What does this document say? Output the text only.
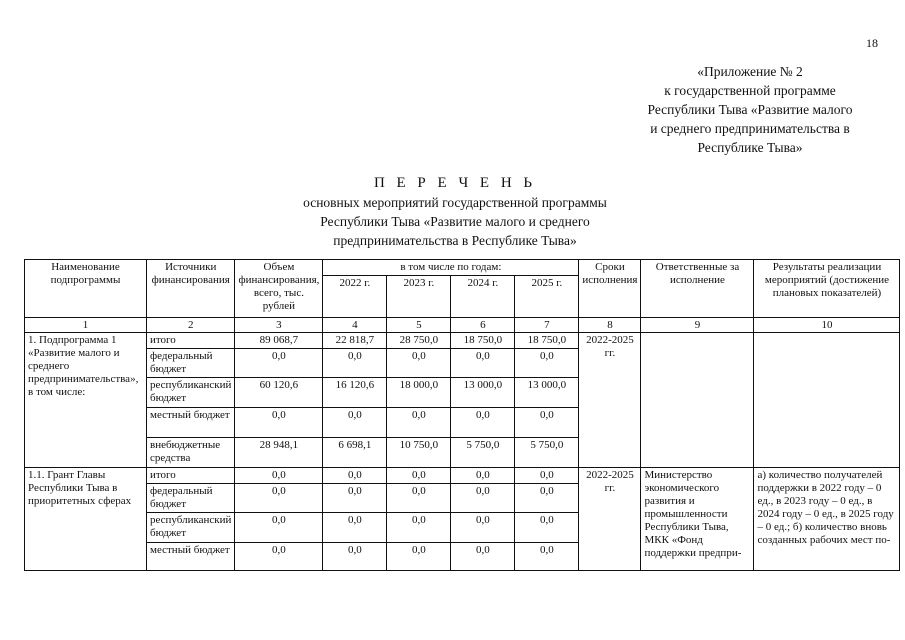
18
«Приложение № 2
к государственной программе
Республики Тыва «Развитие малого
и среднего предпринимательства в
Республике Тыва»
П Е Р Е Ч Е Н Ь
основных мероприятий государственной программы
Республики Тыва «Развитие малого и среднего
предпринимательства в Республике Тыва»
Наименование подпрограммы	Источники финансирования	Объем финансирования, всего, тыс. рублей	в том числе по годам:				Сроки исполнения	Ответственные за исполнение	Результаты реализации мероприятий (достижение плановых показателей)
			2022 г.	2023 г.	2024 г.	2025 г.			
1	2	3	4	5	6	7	8	9	10
1. Подпрограмма 1 «Развитие малого и среднего предпринимательства», в том числе:	итого	89 068,7	22 818,7	28 750,0	18 750,0	18 750,0	2022-2025 гг.		
	федеральный бюджет	0,0	0,0	0,0	0,0	0,0			
	республиканский бюджет	60 120,6	16 120,6	18 000,0	13 000,0	13 000,0			
	местный бюджет	0,0	0,0	0,0	0,0	0,0			
	внебюджетные средства	28 948,1	6 698,1	10 750,0	5 750,0	5 750,0			
1.1. Грант Главы Республики Тыва в приоритетных сферах	итого	0,0	0,0	0,0	0,0	0,0	2022-2025 гг.	Министерство экономического развития и промышленности Республики Тыва, МКК «Фонд поддержки предпри-	а) количество получателей поддержки в 2022 году – 0 ед., в 2023 году – 0 ед., в 2024 году – 0 ед., в 2025 году – 0 ед.; б) количество вновь созданных рабочих мест по-
	федеральный бюджет	0,0	0,0	0,0	0,0	0,0			
	республиканский бюджет	0,0	0,0	0,0	0,0	0,0			
	местный бюджет	0,0	0,0	0,0	0,0	0,0			
